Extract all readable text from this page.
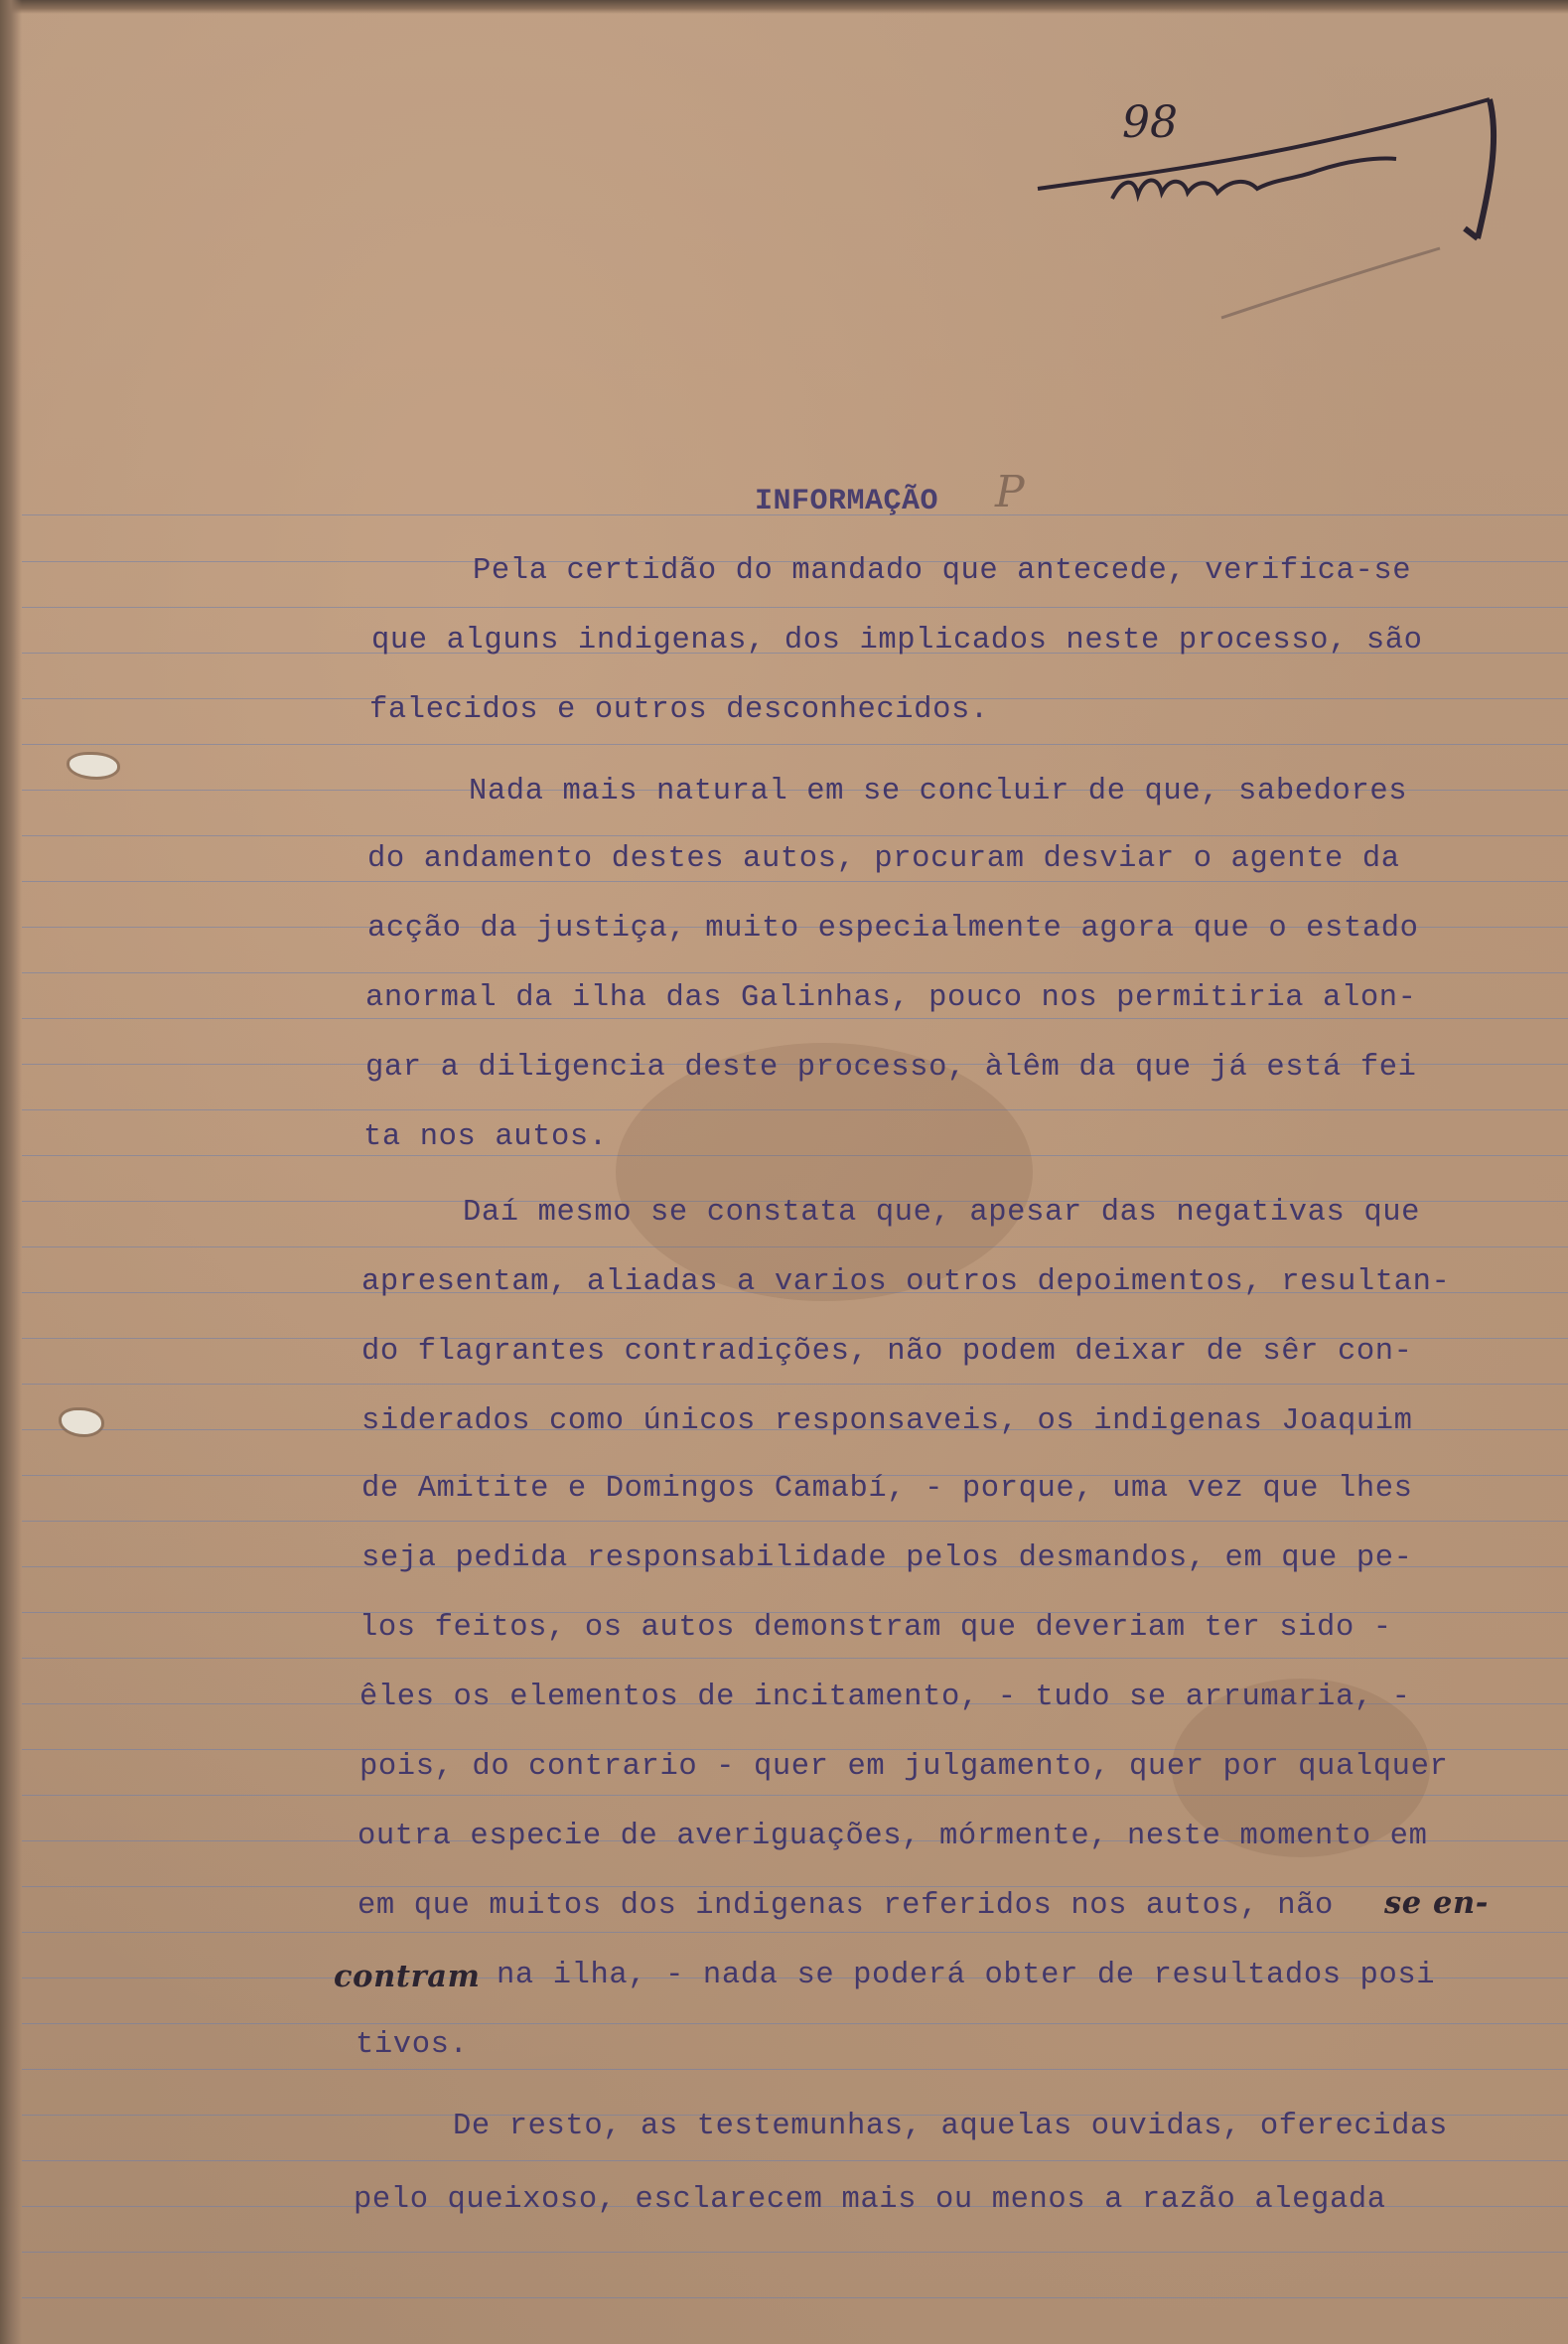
98
INFORMAÇÃO P
Pela certidão do mandado que antecede, verifica-se
que alguns indigenas, dos implicados neste processo, são
falecidos e outros desconhecidos.
Nada mais natural em se concluir de que, sabedores
do andamento destes autos, procuram desviar o agente da
acção da justiça, muito especialmente agora que o estado
anormal da ilha das Galinhas, pouco nos permitiria alon-
gar a diligencia deste processo, àlêm da que já está fei
ta nos autos.
Daí mesmo se constata que, apesar das negativas que
apresentam, aliadas a varios outros depoimentos, resultan-
do flagrantes contradições, não podem deixar de sêr con-
siderados como únicos responsaveis, os indigenas Joaquim
de Amitite e Domingos Camabí, - porque, uma vez que lhes
seja pedida responsabilidade pelos desmandos, em que pe-
los feitos, os autos demonstram que deveriam ter sido -
êles os elementos de incitamento, - tudo se arrumaria, -
pois, do contrario - quer em julgamento, quer por qualquer
outra especie de averiguações, mórmente, neste momento em
em que muitos dos indigenas referidos nos autos, não se en-
contram na ilha, - nada se poderá obter de resultados posi
tivos.
De resto, as testemunhas, aquelas ouvidas, oferecidas
pelo queixoso, esclarecem mais ou menos a razão alegada
